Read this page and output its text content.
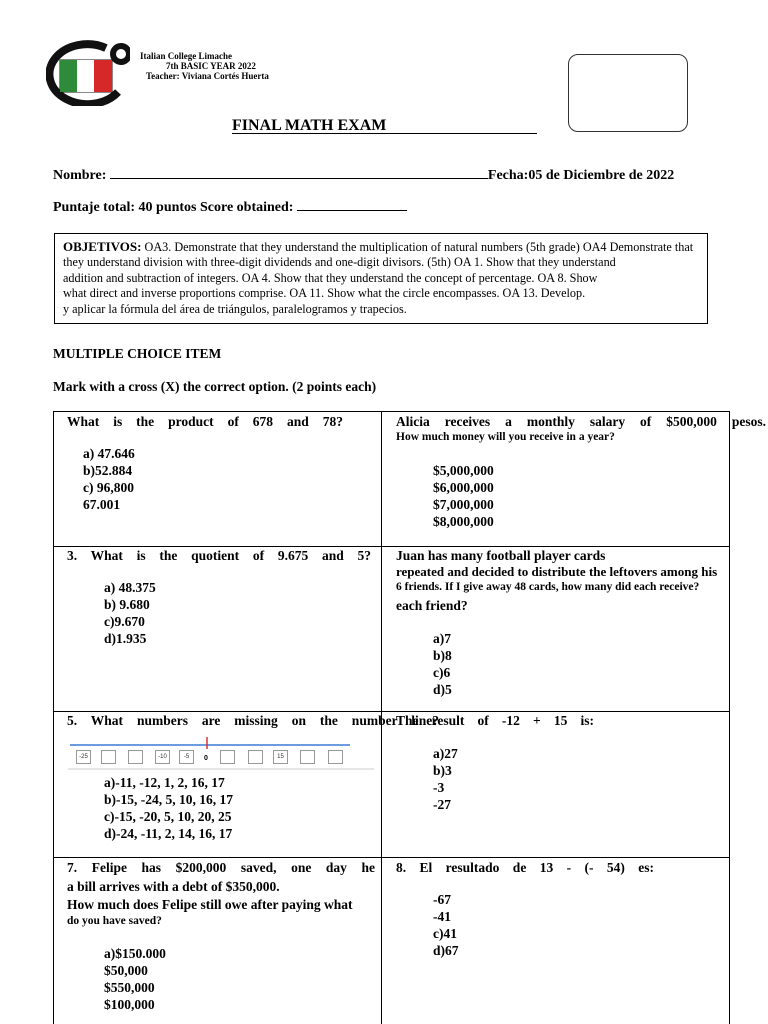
Italian College Limache
7th BASIC YEAR 2022
Teacher: Viviana Cortés Huerta
FINAL MATH EXAM
Nombre:	Fecha:05 de Diciembre de 2022
Puntaje total: 40 puntos Score obtained:
OBJETIVOS: OA3. Demonstrate that they understand the multiplication of natural numbers (5th grade) OA4 Demonstrate that
they understand division with three-digit dividends and one-digit divisors. (5th) OA 1. Show that they understand
addition and subtraction of integers. OA 4. Show that they understand the concept of percentage. OA 8. Show
what direct and inverse proportions comprise. OA 11. Show what the circle encompasses. OA 13. Develop.
y aplicar la fórmula del área de triángulos, paralelogramos y trapecios.
MULTIPLE CHOICE ITEM
Mark with a cross (X) the correct option. (2 points each)
What is the product of 678 and 78?
a) 47.646
b)52.884
c) 96,800
67.001
Alicia receives a monthly salary of $500,000 pesos.
How much money will you receive in a year?
$5,000,000
$6,000,000
$7,000,000
$8,000,000
3. What is the quotient of 9.675 and 5?
a) 48.375
b) 9.680
c)9.670
d)1.935
Juan has many football player cards
repeated and decided to distribute the leftovers among his
6 friends. If I give away 48 cards, how many did each receive?
each friend?
a)7
b)8
c)6
d)5
5. What numbers are missing on the number line?
-25	-10	-5	15
0
a)-11, -12, 1, 2, 16, 17
b)-15, -24, 5, 10, 16, 17
c)-15, -20, 5, 10, 20, 25
d)-24, -11, 2, 14, 16, 17
The result of -12 + 15 is:
a)27
b)3
-3
-27
7. Felipe has $200,000 saved, one day he
a bill arrives with a debt of $350,000.
How much does Felipe still owe after paying what
do you have saved?
a)$150.000
$50,000
$550,000
$100,000
8. El resultado de 13 - (- 54) es:
-67
-41
c)41
d)67
